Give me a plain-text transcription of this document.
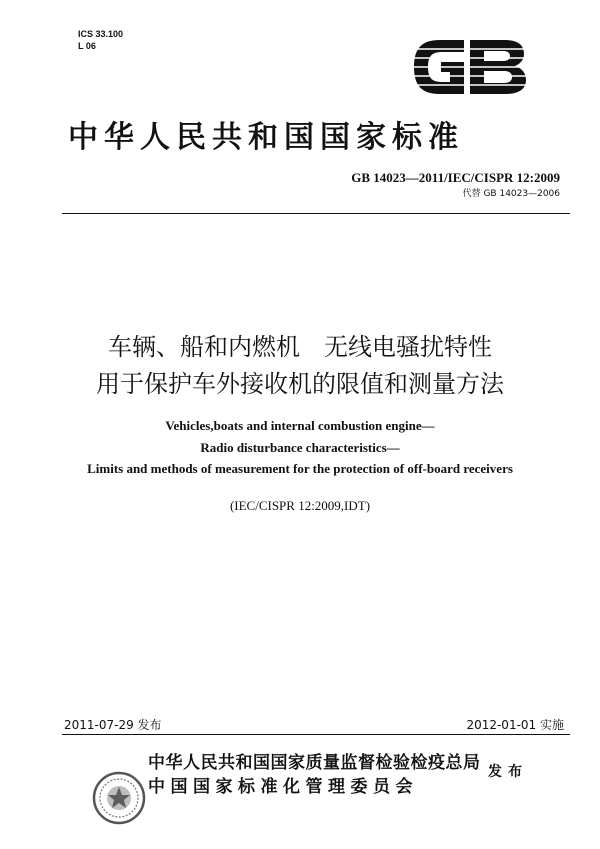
ICS 33.100
L 06
中华人民共和国国家标准
GB 14023—2011/IEC/CISPR 12:2009
代替 GB 14023—2006
车辆、船和内燃机　无线电骚扰特性
用于保护车外接收机的限值和测量方法
Vehicles,boats and internal combustion engine—
Radio disturbance characteristics—
Limits and methods of measurement for the protection of off-board receivers
(IEC/CISPR 12:2009,IDT)
2011-07-29 发布	2012-01-01 实施
中华人民共和国国家质量监督检验检疫总局
中国国家标准化管理委员会
发布
